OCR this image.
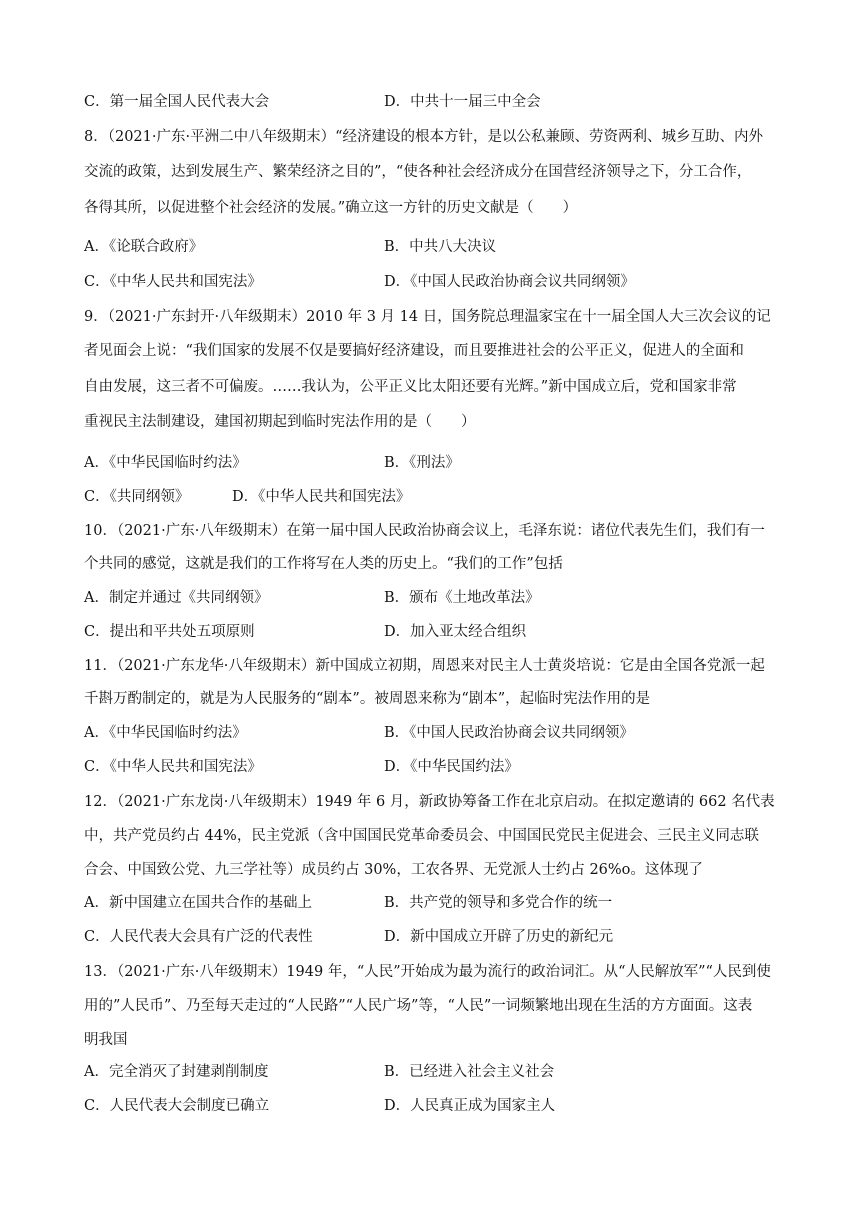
C．第一届全国人民代表大会	D．中共十一届三中全会
8．（2021·广东·平洲二中八年级期末）“经济建设的根本方针，是以公私兼顾、劳资两利、城乡互助、内外
交流的政策，达到发展生产、繁荣经济之目的”，“使各种社会经济成分在国营经济领导之下，分工合作，
各得其所，以促进整个社会经济的发展。”确立这一方针的历史文献是（　　）
A．《论联合政府》	B．中共八大决议
C．《中华人民共和国宪法》	D．《中国人民政治协商会议共同纲领》
9．（2021·广东封开·八年级期末）2010 年 3 月 14 日，国务院总理温家宝在十一届全国人大三次会议的记
者见面会上说：“我们国家的发展不仅是要搞好经济建设，而且要推进社会的公平正义，促进人的全面和
自由发展，这三者不可偏废。……我认为，公平正义比太阳还要有光辉。”新中国成立后，党和国家非常
重视民主法制建设，建国初期起到临时宪法作用的是（　　）
A．《中华民国临时约法》	B．《刑法》
C．《共同纲领》	D．《中华人民共和国宪法》
10．（2021·广东·八年级期末）在第一届中国人民政治协商会议上，毛泽东说：诸位代表先生们，我们有一
个共同的感觉，这就是我们的工作将写在人类的历史上。“我们的工作”包括
A．制定并通过《共同纲领》	B．颁布《土地改革法》
C．提出和平共处五项原则	D．加入亚太经合组织
11．（2021·广东龙华·八年级期末）新中国成立初期，周恩来对民主人士黄炎培说：它是由全国各党派一起
千斟万酌制定的，就是为人民服务的“剧本”。被周恩来称为“剧本”，起临时宪法作用的是
A．《中华民国临时约法》	B．《中国人民政治协商会议共同纲领》
C．《中华人民共和国宪法》	D．《中华民国约法》
12．（2021·广东龙岗·八年级期末）1949 年 6 月，新政协筹备工作在北京启动。在拟定邀请的 662 名代表
中，共产党员约占 44%，民主党派（含中国国民党革命委员会、中国国民党民主促进会、三民主义同志联
合会、中国致公党、九三学社等）成员约占 30%，工农各界、无党派人士约占 26%o。这体现了
A．新中国建立在国共合作的基础上	B．共产党的领导和多党合作的统一
C．人民代表大会具有广泛的代表性	D．新中国成立开辟了历史的新纪元
13．（2021·广东·八年级期末）1949 年，“人民”开始成为最为流行的政治词汇。从“人民解放军”“人民到使
用的”人民币”、乃至每天走过的“人民路”“人民广场”等，“人民”一词频繁地出现在生活的方方面面。这表
明我国
A．完全消灭了封建剥削制度	B．已经进入社会主义社会
C．人民代表大会制度已确立	D．人民真正成为国家主人
